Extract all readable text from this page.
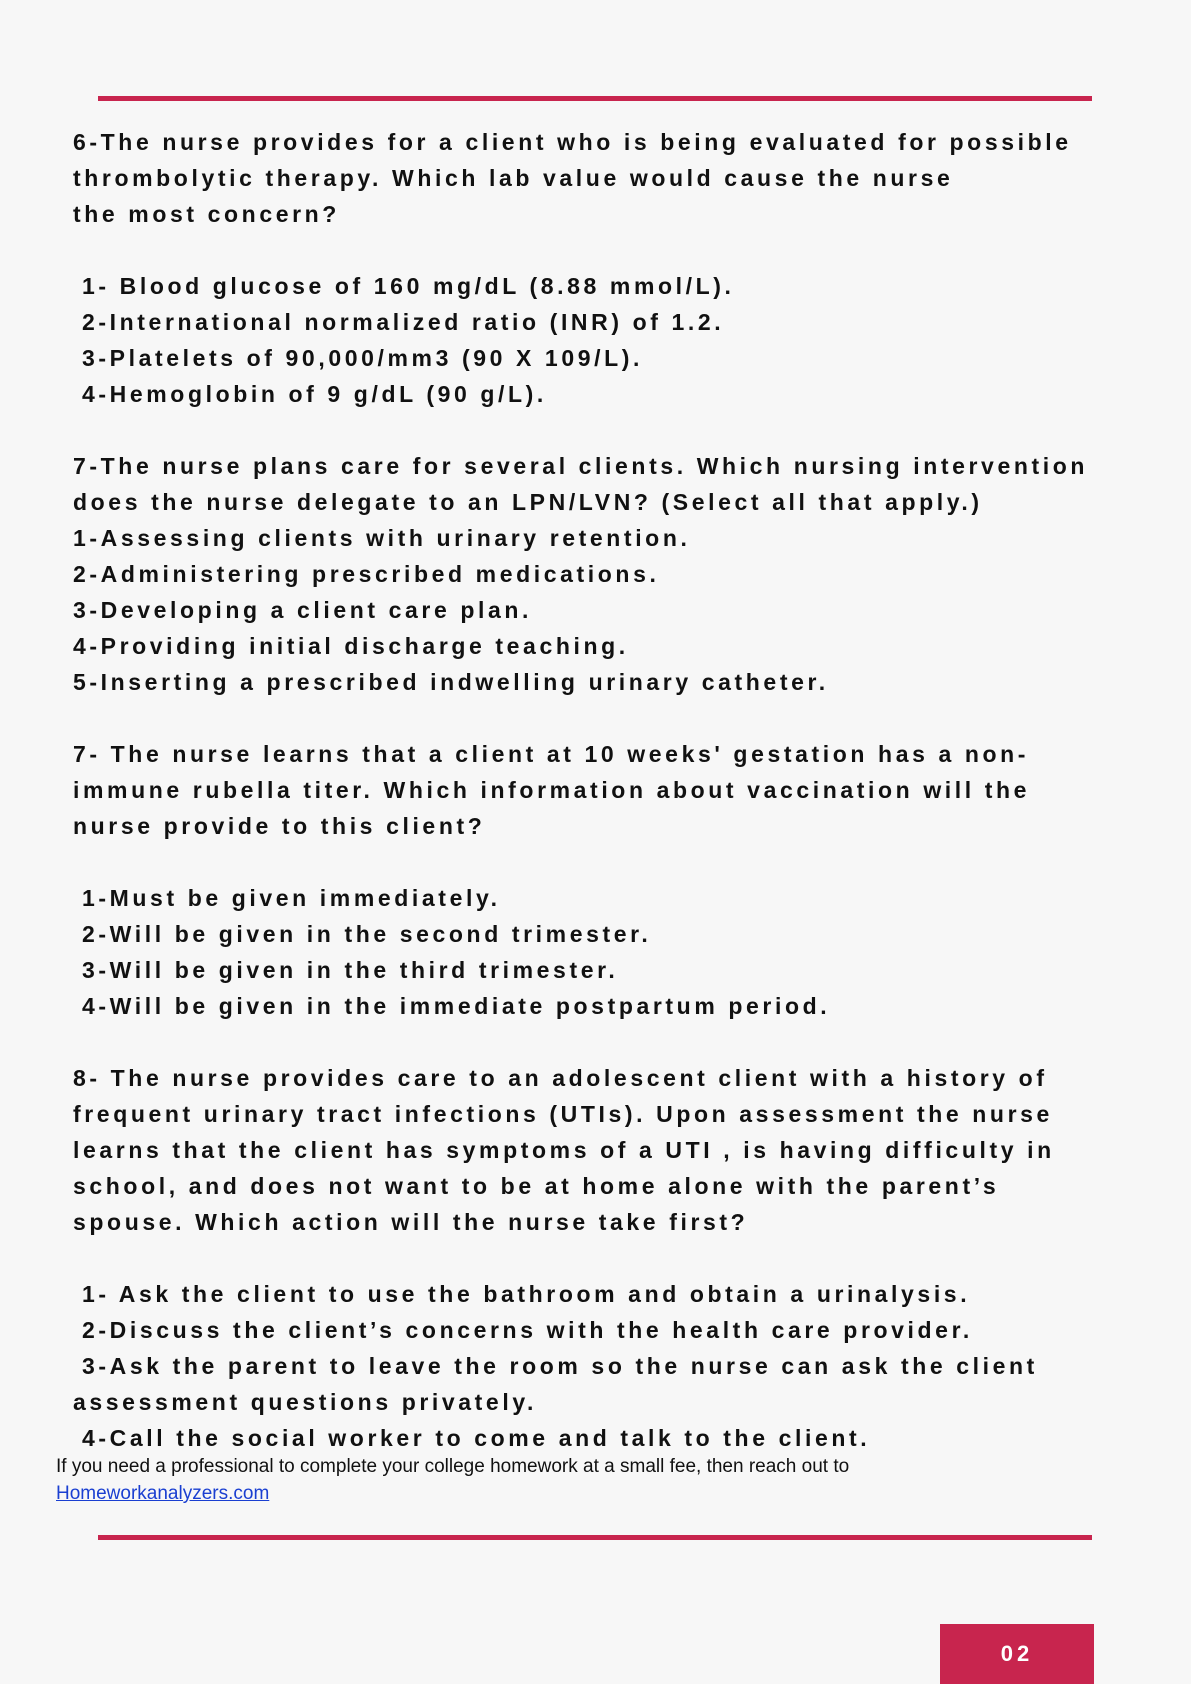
6-The nurse provides for a client who is being evaluated for possible
thrombolytic therapy. Which lab value would cause the nurse
the most concern?
1- Blood glucose of 160 mg/dL (8.88 mmol/L).
2-International normalized ratio (INR) of 1.2.
3-Platelets of 90,000/mm3 (90 X 109/L).
4-Hemoglobin of 9 g/dL (90 g/L).
7-The nurse plans care for several clients. Which nursing intervention
does the nurse delegate to an LPN/LVN? (Select all that apply.)
1-Assessing clients with urinary retention.
2-Administering prescribed medications.
3-Developing a client care plan.
4-Providing initial discharge teaching.
5-Inserting a prescribed indwelling urinary catheter.
7- The nurse learns that a client at 10 weeks' gestation has a non-
immune rubella titer. Which information about vaccination will the
nurse provide to this client?
1-Must be given immediately.
2-Will be given in the second trimester.
3-Will be given in the third trimester.
4-Will be given in the immediate postpartum period.
8- The nurse provides care to an adolescent client with a history of
frequent urinary tract infections (UTIs). Upon assessment the nurse
learns that the client has symptoms of a UTI , is having difficulty in
school, and does not want to be at home alone with the parent’s
spouse. Which action will the nurse take first?
1- Ask the client to use the bathroom and obtain a urinalysis.
2-Discuss the client’s concerns with the health care provider.
3-Ask the parent to leave the room so the nurse can ask the client
assessment questions privately.
4-Call the social worker to come and talk to the client.
If you need a professional to complete your college homework at a small fee, then reach out to
Homeworkanalyzers.com
02
